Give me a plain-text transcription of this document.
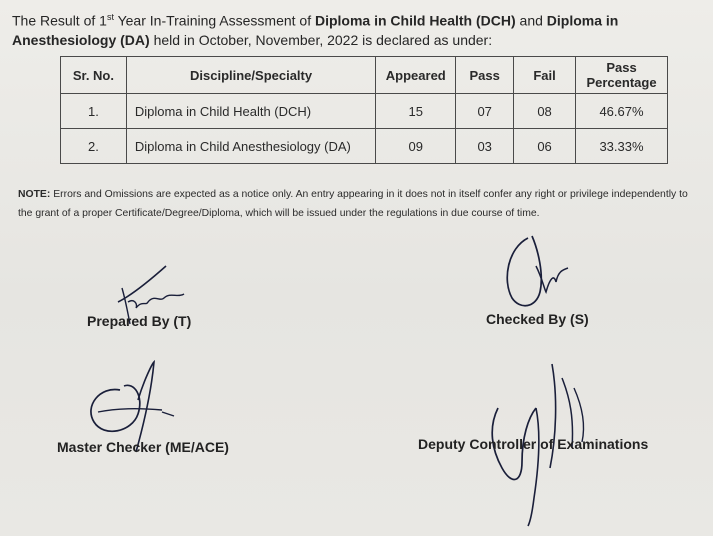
The Result of 1st Year In-Training Assessment of Diploma in Child Health (DCH) and Diploma in Anesthesiology (DA) held in October, November, 2022 is declared as under:
Sr. No.	Discipline/Specialty	Appeared	Pass	Fail	Pass Percentage
1.	Diploma in Child Health (DCH)	15	07	08	46.67%
2.	Diploma in Child Anesthesiology (DA)	09	03	06	33.33%
NOTE: Errors and Omissions are expected as a notice only. An entry appearing in it does not in itself confer any right or privilege independently to the grant of a proper Certificate/Degree/Diploma, which will be issued under the regulations in due course of time.
Prepared By (T)	Checked By (S)
Master Checker (ME/ACE)	Deputy Controller of Examinations
